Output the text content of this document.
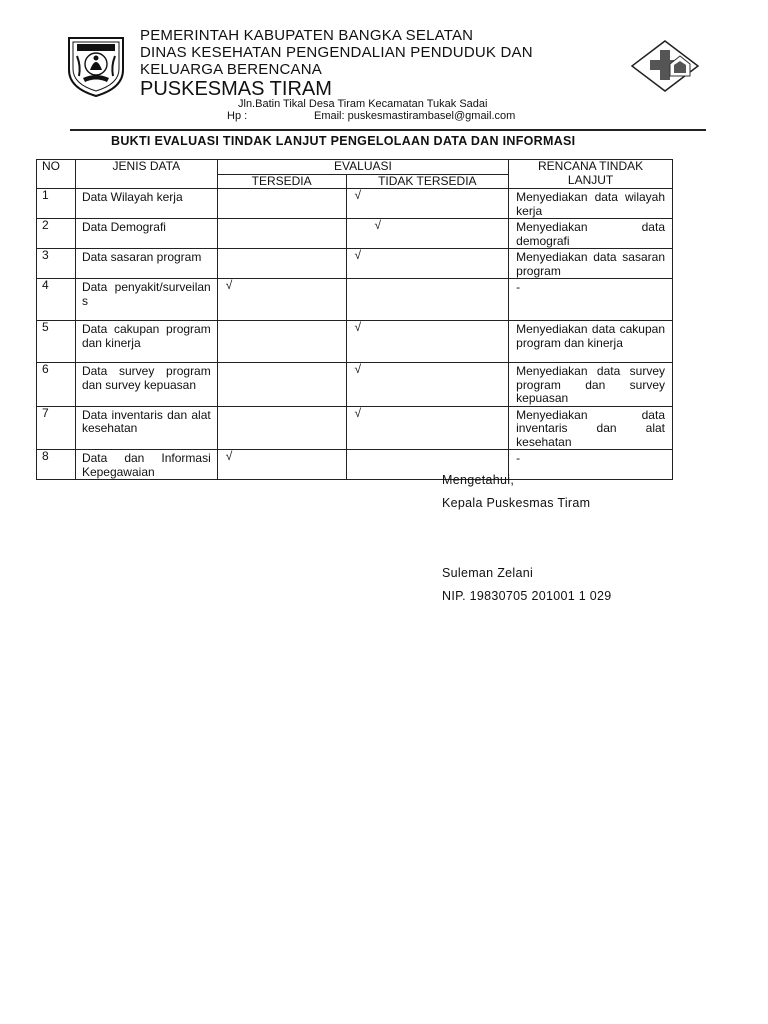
PEMERINTAH KABUPATEN BANGKA SELATAN
DINAS KESEHATAN PENGENDALIAN PENDUDUK DAN
KELUARGA BERENCANA
PUSKESMAS TIRAM
Jln.Batin Tikal Desa Tiram Kecamatan Tukak Sadai
Hp :	Email: puskesmastirambasel@gmail.com
BUKTI EVALUASI TINDAK LANJUT PENGELOLAAN DATA DAN INFORMASI
NO	JENIS DATA	EVALUASI		RENCANA TINDAK LANJUT
		TERSEDIA	TIDAK TERSEDIA	
1	Data Wilayah kerja		√	Menyediakan data wilayah kerja
2	Data Demografi		√	Menyediakan data demografi
3	Data sasaran program		√	Menyediakan data sasaran program
4	Data penyakit/surveilans	√		-
5	Data cakupan program dan kinerja		√	Menyediakan data cakupan program dan kinerja
6	Data survey program dan survey kepuasan		√	Menyediakan data survey program dan survey kepuasan
7	Data inventaris dan alat kesehatan		√	Menyediakan data inventaris dan alat kesehatan
8	Data dan Informasi Kepegawaian	√		-
Mengetahui,
Kepala Puskesmas Tiram
Suleman Zelani
NIP. 19830705 201001 1 029
